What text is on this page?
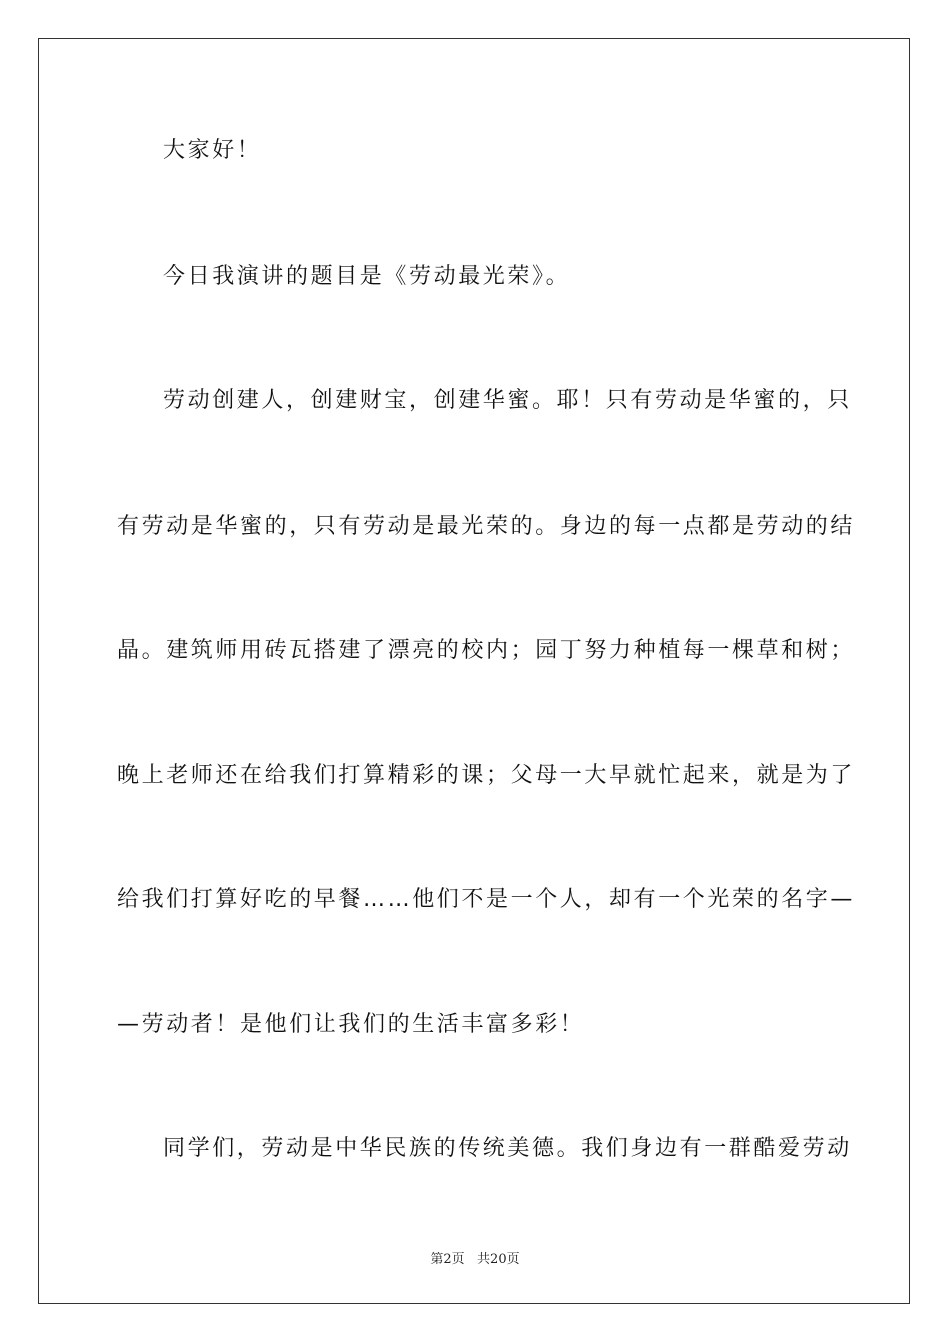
大家好！
今日我演讲的题目是《劳动最光荣》。
劳动创建人，创建财宝，创建华蜜。耶！只有劳动是华蜜的，只
有劳动是华蜜的，只有劳动是最光荣的。身边的每一点都是劳动的结
晶。建筑师用砖瓦搭建了漂亮的校内；园丁努力种植每一棵草和树；
晚上老师还在给我们打算精彩的课；父母一大早就忙起来，就是为了
给我们打算好吃的早餐……他们不是一个人，却有一个光荣的名字—
—劳动者！是他们让我们的生活丰富多彩！
同学们，劳动是中华民族的传统美德。我们身边有一群酷爱劳动
第2页   共20页
